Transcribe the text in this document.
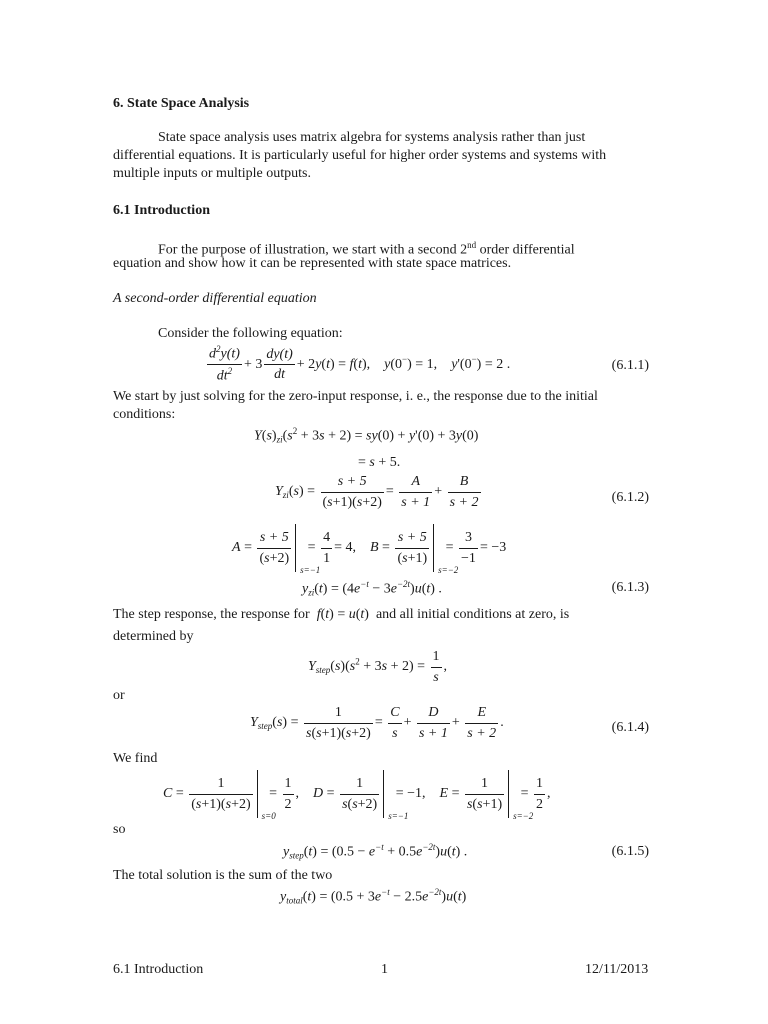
6. State Space Analysis
State space analysis uses matrix algebra for systems analysis rather than just
differential equations. It is particularly useful for higher order systems and systems with
multiple inputs or multiple outputs.
6.1 Introduction
For the purpose of illustration, we start with a second 2nd order differential
equation and show how it can be represented with state space matrices.
A second-order differential equation
Consider the following equation:
$\frac{d^2y(t)}{dt^2} + 3 \frac{dy(t)}{dt} + 2y(t) = f(t)$,    y(0−) = 1,    y'(0−) = 2 .	(6.1.1)
We start by just solving for the zero-input response, i. e., the response due to the initial
conditions:
$Y(s)_{zi}(s^2 + 3s + 2) = sy(0) + y'(0) + 3y(0)$
= s + 5.
$Y_{zi}(s) = \frac{s + 5}{(s+1)(s+2)} = \frac{A}{s + 1} + \frac{B}{s + 2}$	(6.1.2)
$A = \frac{s + 5}{(s+2)}$
s=−1
= $\frac{4}{1} = 4$,    $B = \frac{s + 5}{(s+1)}$
s=−2
= $\frac{3}{-1} = -3$
$y_{zi}(t) = (4e^{-t} - 3e^{-2t})u(t)$ .	(6.1.3)
The step response, the response for f(t) = u(t)  and all initial conditions at zero, is
determined by
$Y_{step}(s)(s^2 + 3s + 2) = \frac{1}{s}$ ,
or
$Y_{step}(s) = \frac{1}{s(s+1)(s+2)} = \frac{C}{s} + \frac{D}{s + 1} + \frac{E}{s + 2}$ .	(6.1.4)
We find
$C = \frac{1}{(s+1)(s+2)}$
s=0
= $\frac{1}{2}$ ,    $D = \frac{1}{s(s+2)}$
s=−1
= −1,    $E = \frac{1}{s(s+1)}$
s=−2
= $\frac{1}{2}$ ,
so
$y_{step}(t) = (0.5 - e^{-t} + 0.5e^{-2t})u(t)$ .	(6.1.5)
The total solution is the sum of the two
$y_{total}(t) = (0.5 + 3e^{-t} - 2.5e^{-2t})u(t)$
6.1 Introduction	1	12/11/2013
